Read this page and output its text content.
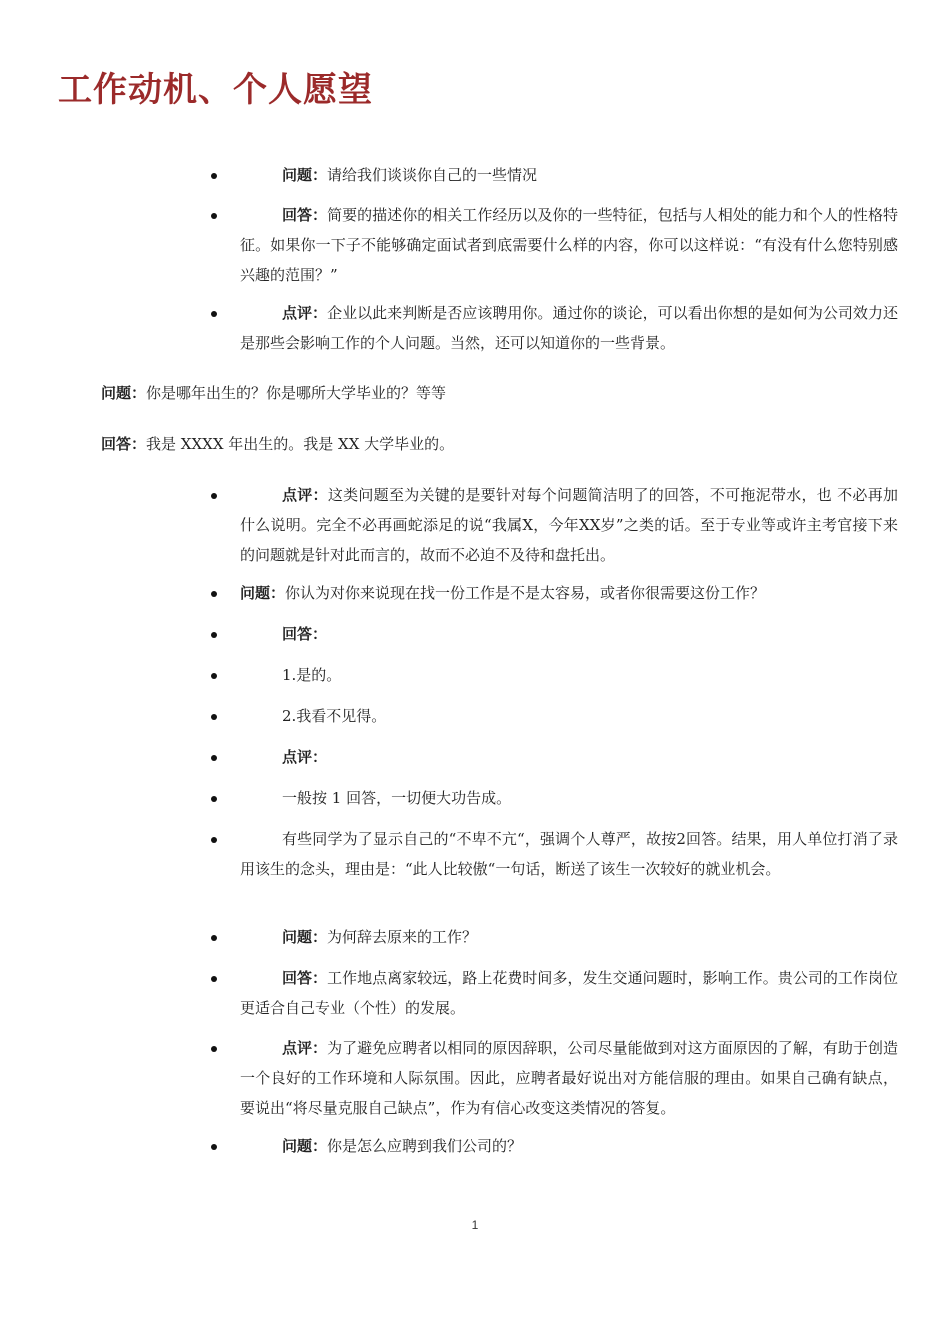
工作动机、个人愿望
问题：请给我们谈谈你自己的一些情况
回答：简要的描述你的相关工作经历以及你的一些特征，包括与人相处的能力和个人的性格特征。如果你一下子不能够确定面试者到底需要什么样的内容，你可以这样说：“有没有什么您特别感兴趣的范围？”
点评：企业以此来判断是否应该聘用你。通过你的谈论，可以看出你想的是如何为公司效力还是那些会影响工作的个人问题。当然，还可以知道你的一些背景。

问题：你是哪年出生的？你是哪所大学毕业的？等等

回答：我是 XXXX 年出生的。我是 XX 大学毕业的。

点评：这类问题至为关键的是要针对每个问题简洁明了的回答，不可拖泥带水，也 不必再加什么说明。完全不必再画蛇添足的说“我属X，今年XX岁”之类的话。至于专业等或许主考官接下来的问题就是针对此而言的，故而不必迫不及待和盘托出。
问题：你认为对你来说现在找一份工作是不是太容易，或者你很需要这份工作？
回答：
1.是的。
2.我看不见得。
点评：
一般按 1 回答，一切便大功告成。
有些同学为了显示自己的“不卑不亢“，强调个人尊严，故按2回答。结果，用人单位打消了录用该生的念头，理由是：“此人比较傲“一句话，断送了该生一次较好的就业机会。
问题：为何辞去原来的工作？
回答：工作地点离家较远，路上花费时间多，发生交通问题时，影响工作。贵公司的工作岗位更适合自己专业（个性）的发展。
点评：为了避免应聘者以相同的原因辞职，公司尽量能做到对这方面原因的了解，有助于创造一个良好的工作环境和人际氛围。因此，应聘者最好说出对方能信服的理由。如果自己确有缺点，要说出“将尽量克服自己缺点”，作为有信心改变这类情况的答复。
问题：你是怎么应聘到我们公司的？
1
